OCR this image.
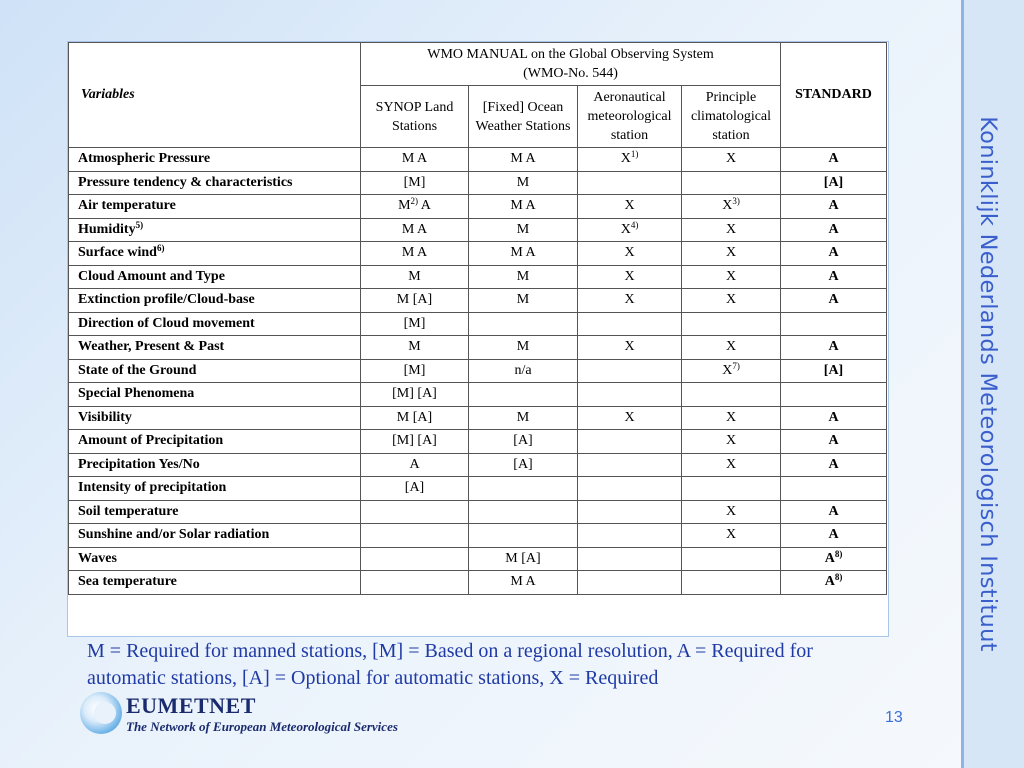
Koninklijk Nederlands Meteorologisch Instituut
Variables	WMO MANUAL on the Global Observing System
(WMO-No. 544)				STANDARD
	SYNOP Land Stations	[Fixed] Ocean Weather Stations	Aeronautical meteorological station	Principle climatological station	
Atmospheric Pressure	M A	M A	$X^{1)}$	X	A
Pressure tendency & characteristics	[M]	M			[A]
Air temperature	$M^{2)}$ A	M A	X	$X^{3)}$	A
Humidity$^{5)}$	M A	M	$X^{4)}$	X	A
Surface wind$^{6)}$	M A	M A	X	X	A
Cloud Amount and Type	M	M	X	X	A
Extinction profile/Cloud-base	M [A]	M	X	X	A
Direction of Cloud movement	[M]				
Weather, Present & Past	M	M	X	X	A
State of the Ground	[M]	n/a		$X^{7)}$	[A]
Special Phenomena	[M] [A]				
Visibility	M [A]	M	X	X	A
Amount of Precipitation	[M] [A]	[A]		X	A
Precipitation Yes/No	A	[A]		X	A
Intensity of precipitation	[A]				
Soil temperature				X	A
Sunshine and/or Solar radiation				X	A
Waves		M [A]			$A^{8)}$
Sea temperature		M A			$A^{8)}$
M = Required for manned stations, [M] = Based on a regional resolution, A = Required for
automatic stations, [A] = Optional for automatic stations, X = Required
EUMETNET
The Network of European Meteorological Services
13
